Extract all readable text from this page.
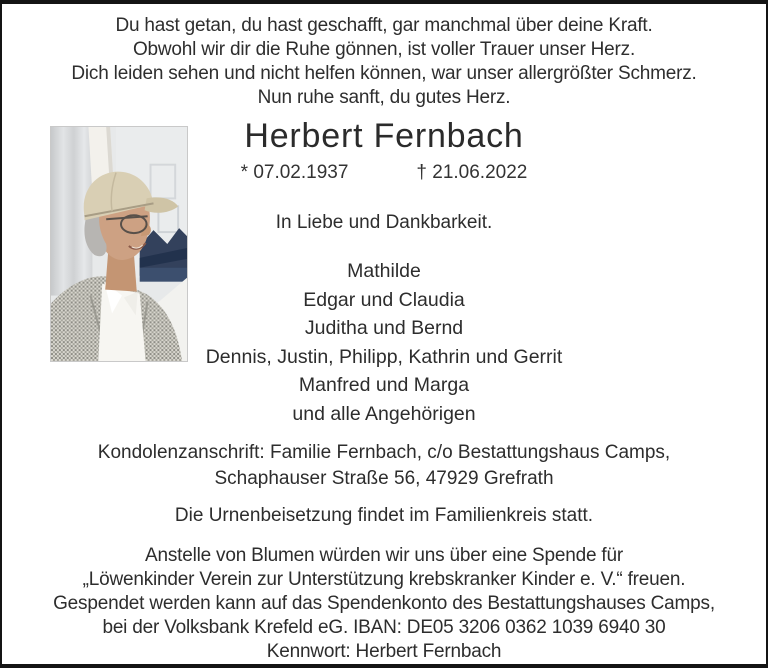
Du hast getan, du hast geschafft, gar manchmal über deine Kraft.
Obwohl wir dir die Ruhe gönnen, ist voller Trauer unser Herz.
Dich leiden sehen und nicht helfen können, war unser allergrößter Schmerz.
Nun ruhe sanft, du gutes Herz.
Herbert Fernbach
* 07.02.1937	† 21.06.2022
In Liebe und Dankbarkeit.
Mathilde
Edgar und Claudia
Juditha und Bernd
Dennis, Justin, Philipp, Kathrin und Gerrit
Manfred und Marga
und alle Angehörigen
Kondolenzanschrift: Familie Fernbach, c/o Bestattungshaus Camps,
Schaphauser Straße 56, 47929 Grefrath
Die Urnenbeisetzung findet im Familienkreis statt.
Anstelle von Blumen würden wir uns über eine Spende für
„Löwenkinder Verein zur Unterstützung krebskranker Kinder e. V.“ freuen.
Gespendet werden kann auf das Spendenkonto des Bestattungshauses Camps,
bei der Volksbank Krefeld eG. IBAN: DE05 3206 0362 1039 6940 30
Kennwort: Herbert Fernbach
